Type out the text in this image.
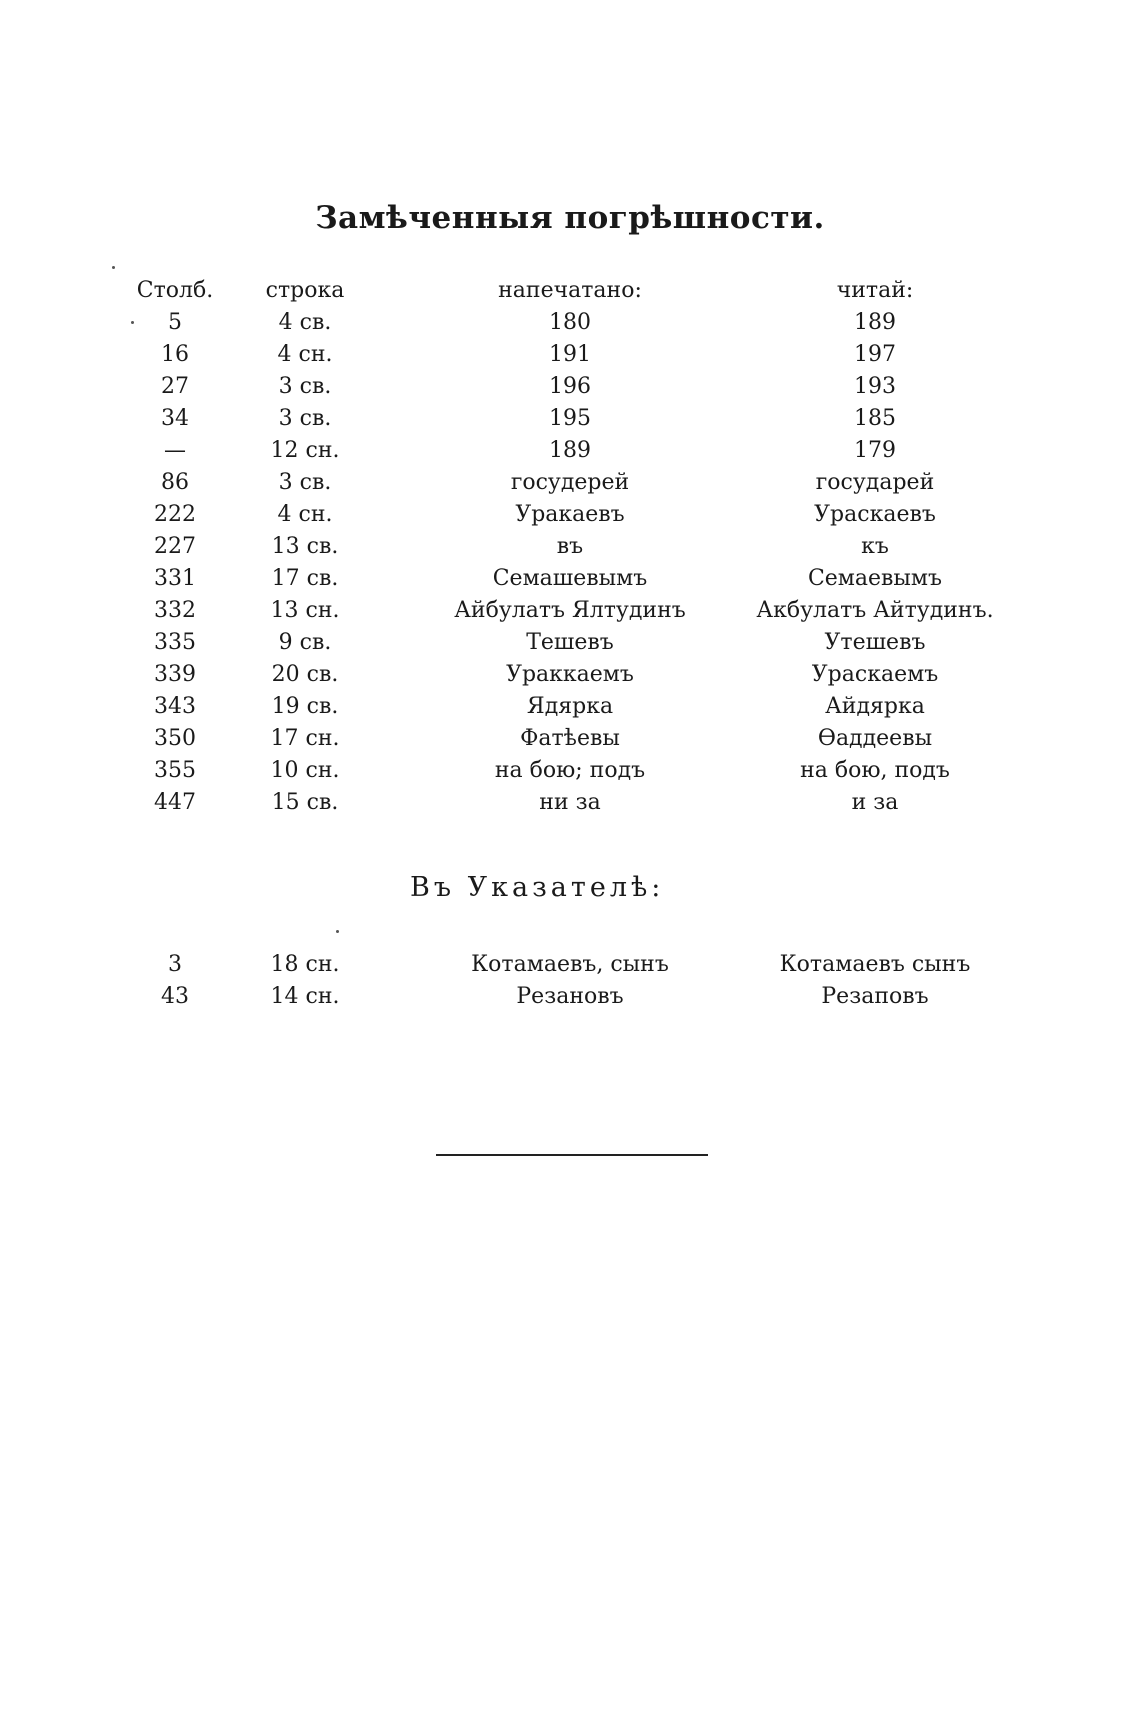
Замѣченныя погрѣшности.
Столб.	строка	напечатано:	читай:
5	4 св.	180	189
16	4 сн.	191	197
27	3 св.	196	193
34	3 св.	195	185
—	12 сн.	189	179
86	3 св.	госудерей	государей
222	4 сн.	Уракаевъ	Ураскаевъ
227	13 св.	въ	къ
331	17 св.	Семашевымъ	Семаевымъ
332	13 сн.	Айбулатъ Ялтудинъ	Акбулатъ Айтудинъ.
335	9 св.	Тешевъ	Утешевъ
339	20 св.	Ураккаемъ	Ураскаемъ
343	19 св.	Ядярка	Айдярка
350	17 сн.	Фатѣевы	Ѳаддеевы
355	10 сн.	на бою; подъ	на бою, подъ
447	15 св.	ни за	и за
Въ Указателѣ:
3	18 сн.	Котамаевъ, сынъ	Котамаевъ сынъ
43	14 сн.	Резановъ	Резаповъ
